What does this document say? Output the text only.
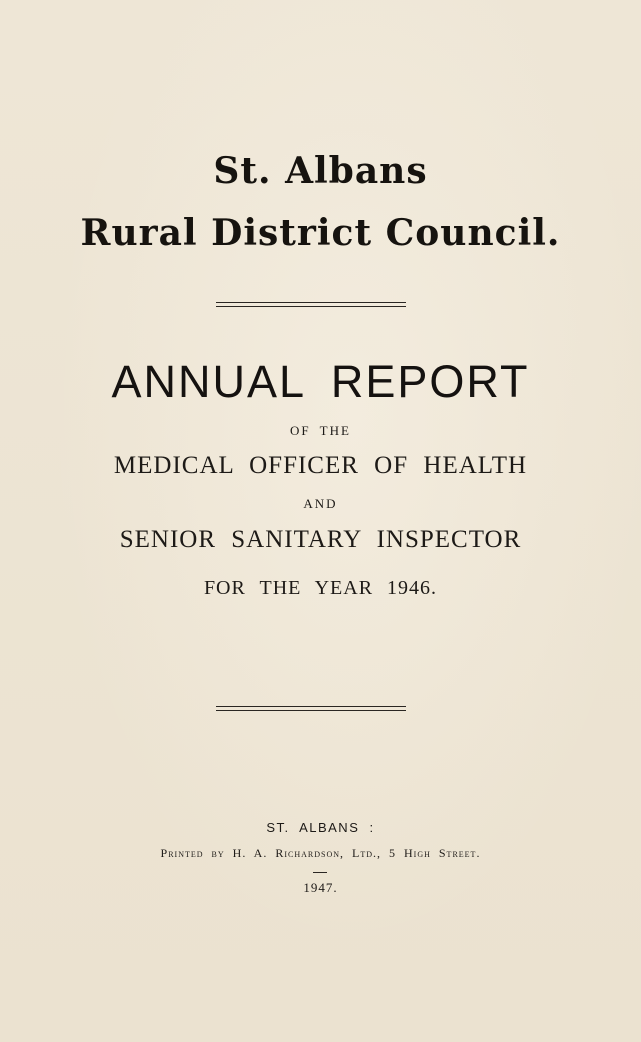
St. Albans
Rural District Council.
ANNUAL REPORT
OF THE
MEDICAL OFFICER OF HEALTH
AND
SENIOR SANITARY INSPECTOR
FOR THE YEAR 1946.
ST. ALBANS :
Printed by H. A. Richardson, Ltd., 5 High Street.
1947.
